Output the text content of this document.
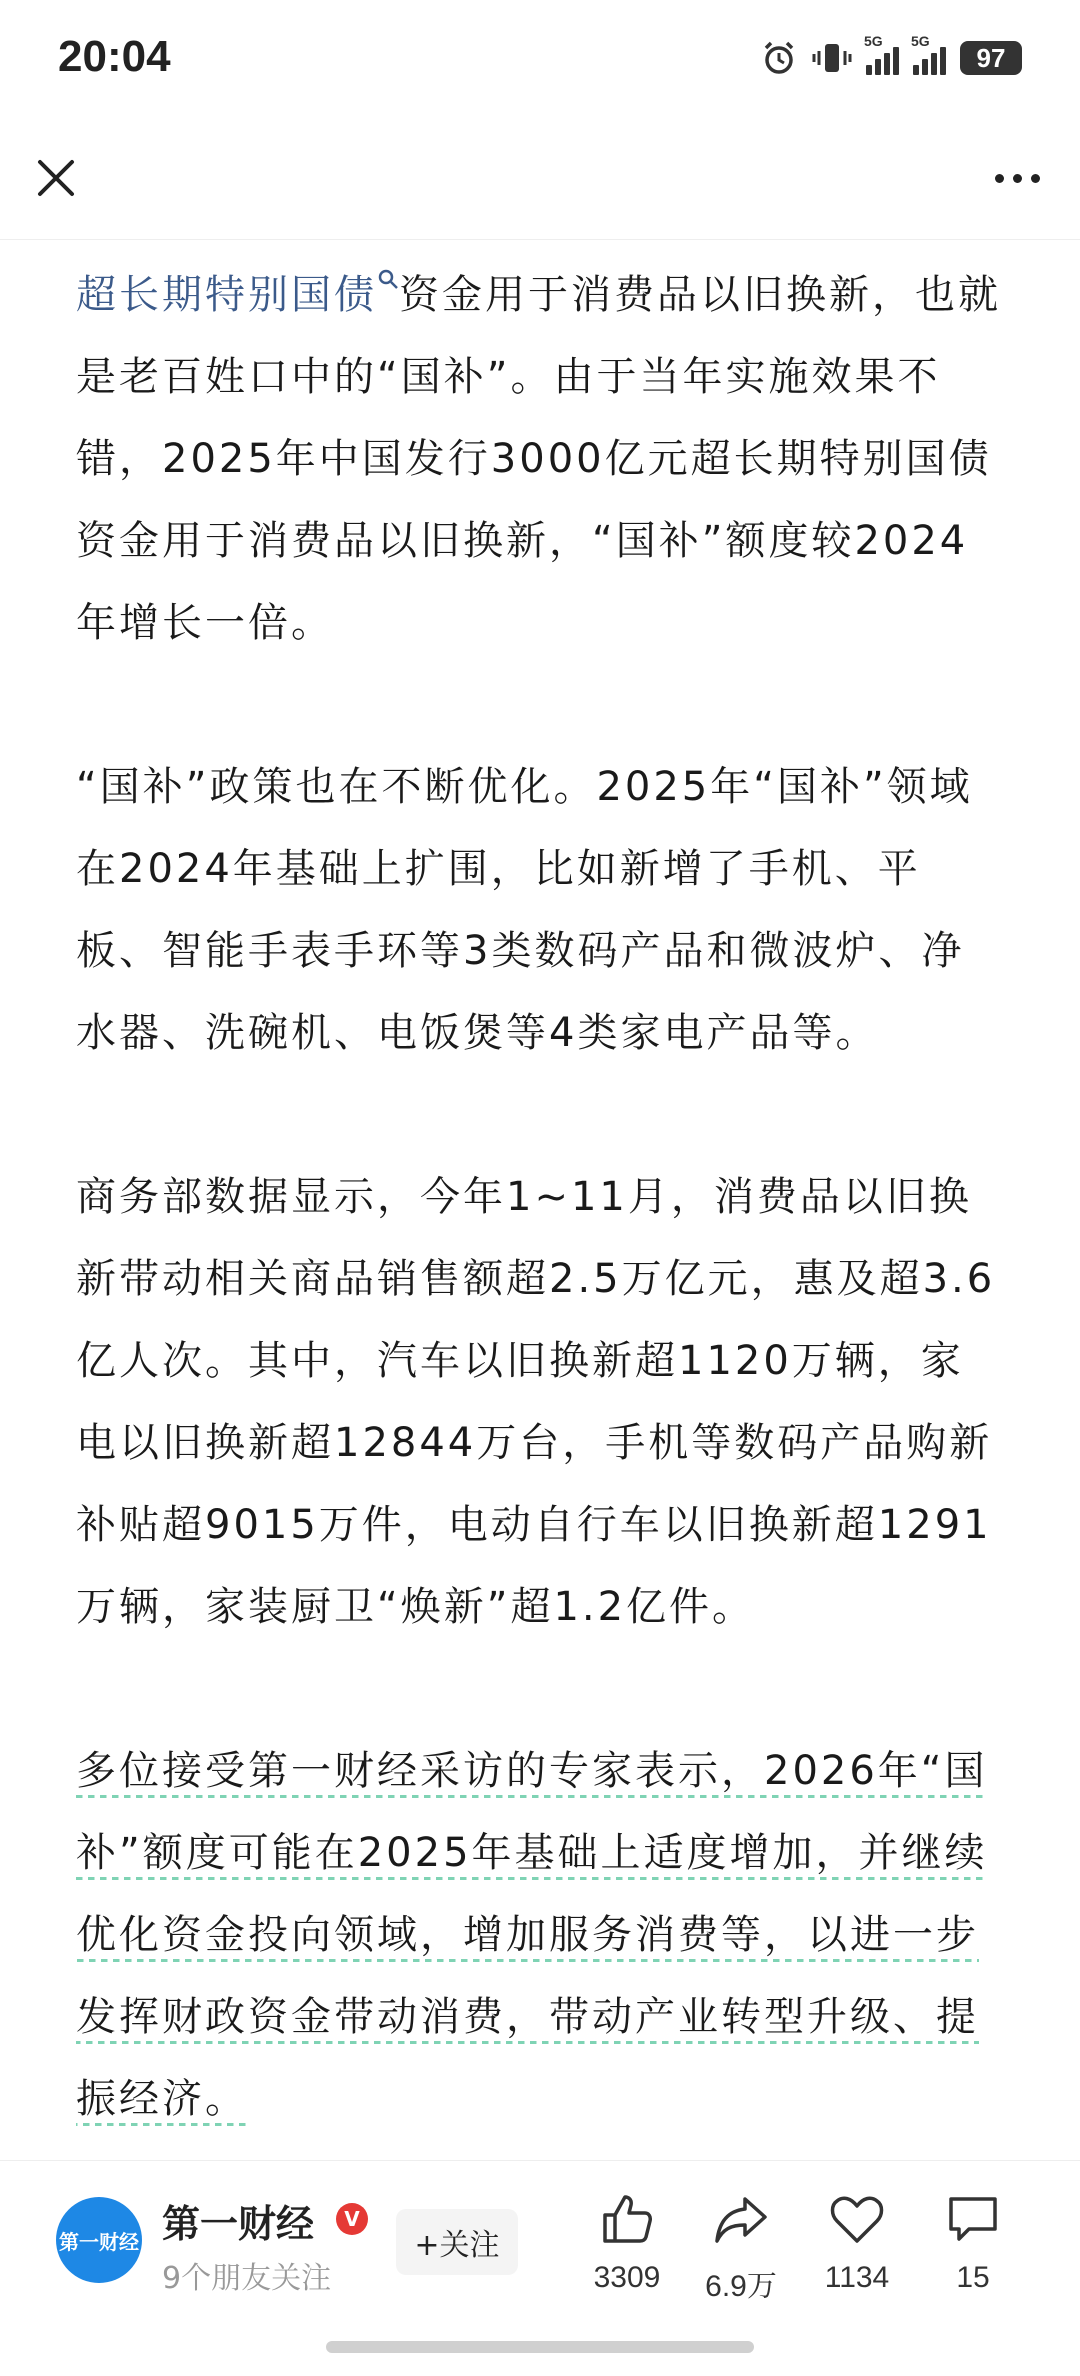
20:04	5G 5G
97

超长期特别国债 资金用于消费品以旧换新，也就是老百姓口中的“国补”。由于当年实施效果不错，2025年中国发行3000亿元超长期特别国债资金用于消费品以旧换新，“国补”额度较2024年增长一倍。

“国补”政策也在不断优化。2025年“国补”领域在2024年基础上扩围，比如新增了手机、平板、智能手表手环等3类数码产品和微波炉、净水器、洗碗机、电饭煲等4类家电产品等。

商务部数据显示，今年1~11月，消费品以旧换新带动相关商品销售额超2.5万亿元，惠及超3.6亿人次。其中，汽车以旧换新超1120万辆，家电以旧换新超12844万台，手机等数码产品购新补贴超9015万件，电动自行车以旧换新超1291万辆，家装厨卫“焕新”超1.2亿件。

多位接受第一财经采访的专家表示，2026年“国补”额度可能在2025年基础上适度增加，并继续优化资金投向领域，增加服务消费等，以进一步发挥财政资金带动消费，带动产业转型升级、提振经济。

第一财经 第一财经	V
9个朋友关注
+关注
3309	6.9万	1134	15
